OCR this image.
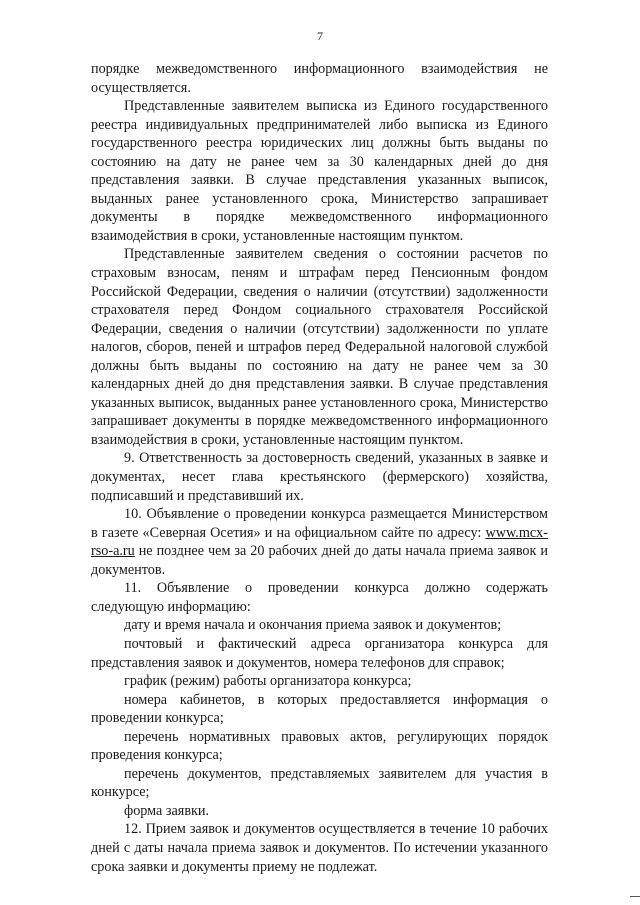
7

порядке межведомственного информационного взаимодействия не осуществляется.

Представленные заявителем выписка из Единого государственного реестра индивидуальных предпринимателей либо выписка из Единого государственного реестра юридических лиц должны быть выданы по состоянию на дату не ранее чем за 30 календарных дней до дня представления заявки. В случае представления указанных выписок, выданных ранее установленного срока, Министерство запрашивает документы в порядке межведомственного информационного взаимодействия в сроки, установленные настоящим пунктом.

Представленные заявителем сведения о состоянии расчетов по страховым взносам, пеням и штрафам перед Пенсионным фондом Российской Федерации, сведения о наличии (отсутствии) задолженности страхователя перед Фондом социального страхователя Российской Федерации, сведения о наличии (отсутствии) задолженности по уплате налогов, сборов, пеней и штрафов перед Федеральной налоговой службой должны быть выданы по состоянию на дату не ранее чем за 30 календарных дней до дня представления заявки. В случае представления указанных выписок, выданных ранее установленного срока, Министерство запрашивает документы в порядке межведомственного информационного взаимодействия в сроки, установленные настоящим пунктом.

9. Ответственность за достоверность сведений, указанных в заявке и документах, несет глава крестьянского (фермерского) хозяйства, подписавший и представивший их.

10. Объявление о проведении конкурса размещается Министерством в газете «Северная Осетия» и на официальном сайте по адресу: www.mcx-rso-a.ru не позднее чем за 20 рабочих дней до даты начала приема заявок и документов.

11. Объявление о проведении конкурса должно содержать следующую информацию:

дату и время начала и окончания приема заявок и документов;

почтовый и фактический адреса организатора конкурса для представления заявок и документов, номера телефонов для справок;

график (режим) работы организатора конкурса;

номера кабинетов, в которых предоставляется информация о проведении конкурса;

перечень нормативных правовых актов, регулирующих порядок проведения конкурса;

перечень документов, представляемых заявителем для участия в конкурсе;

форма заявки.

12. Прием заявок и документов осуществляется в течение 10 рабочих дней с даты начала приема заявок и документов. По истечении указанного срока заявки и документы приему не подлежат.
